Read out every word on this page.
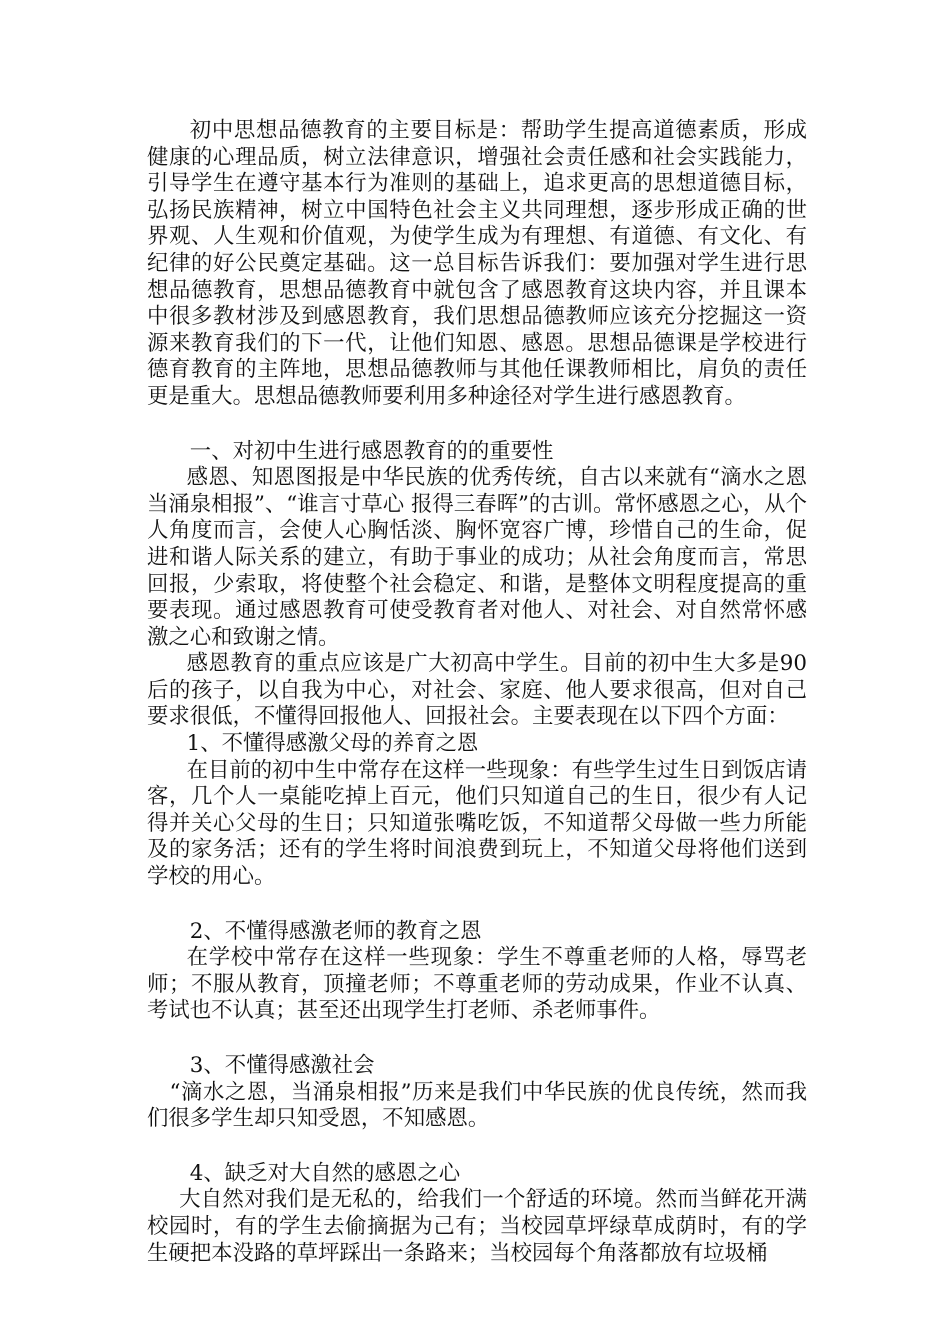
初中思想品德教育的主要目标是：帮助学生提高道德素质，形成健康的心理品质，树立法律意识，增强社会责任感和社会实践能力，引导学生在遵守基本行为准则的基础上，追求更高的思想道德目标，弘扬民族精神，树立中国特色社会主义共同理想，逐步形成正确的世界观、人生观和价值观，为使学生成为有理想、有道德、有文化、有纪律的好公民奠定基础。这一总目标告诉我们：要加强对学生进行思想品德教育，思想品德教育中就包含了感恩教育这块内容，并且课本中很多教材涉及到感恩教育，我们思想品德教师应该充分挖掘这一资源来教育我们的下一代，让他们知恩、感恩。思想品德课是学校进行德育教育的主阵地，思想品德教师与其他任课教师相比，肩负的责任更是重大。思想品德教师要利用多种途径对学生进行感恩教育。

一、对初中生进行感恩教育的的重要性

感恩、知恩图报是中华民族的优秀传统，自古以来就有“滴水之恩当涌泉相报”、“谁言寸草心 报得三春晖”的古训。常怀感恩之心，从个人角度而言，会使人心胸恬淡、胸怀宽容广博，珍惜自己的生命，促进和谐人际关系的建立，有助于事业的成功；从社会角度而言，常思回报，少索取，将使整个社会稳定、和谐，是整体文明程度提高的重要表现。通过感恩教育可使受教育者对他人、对社会、对自然常怀感激之心和致谢之情。

感恩教育的重点应该是广大初高中学生。目前的初中生大多是90后的孩子，以自我为中心，对社会、家庭、他人要求很高，但对自己要求很低，不懂得回报他人、回报社会。主要表现在以下四个方面：

1、不懂得感激父母的养育之恩

在目前的初中生中常存在这样一些现象：有些学生过生日到饭店请客，几个人一桌能吃掉上百元，他们只知道自己的生日，很少有人记得并关心父母的生日；只知道张嘴吃饭，不知道帮父母做一些力所能及的家务活；还有的学生将时间浪费到玩上，不知道父母将他们送到学校的用心。

2、不懂得感激老师的教育之恩

在学校中常存在这样一些现象：学生不尊重老师的人格，辱骂老师；不服从教育，顶撞老师；不尊重老师的劳动成果，作业不认真、考试也不认真；甚至还出现学生打老师、杀老师事件。

3、不懂得感激社会

“滴水之恩，当涌泉相报”历来是我们中华民族的优良传统，然而我们很多学生却只知受恩，不知感恩。

4、缺乏对大自然的感恩之心

大自然对我们是无私的，给我们一个舒适的环境。然而当鲜花开满校园时，有的学生去偷摘据为己有；当校园草坪绿草成荫时，有的学生硬把本没路的草坪踩出一条路来；当校园每个角落都放有垃圾桶
